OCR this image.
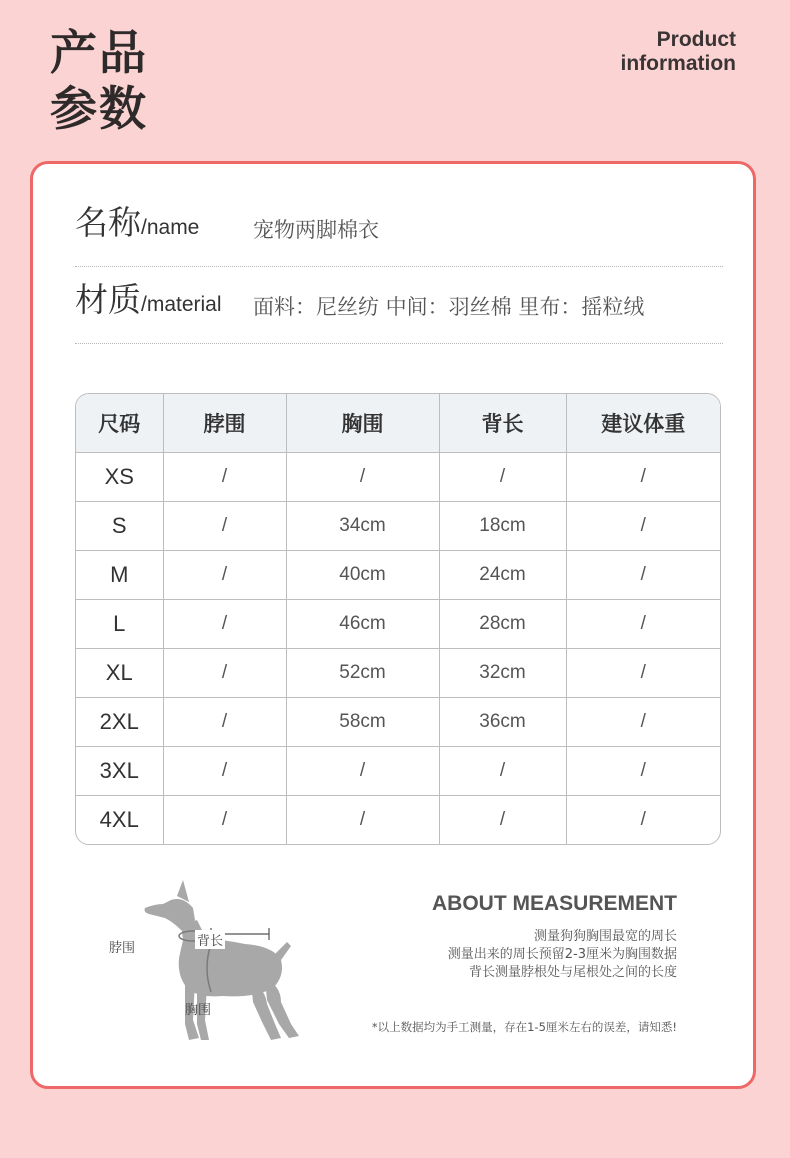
产品
参数
Product
information
名称/name	宠物两脚棉衣
材质/material 面料：尼丝纺 中间：羽丝棉 里布：摇粒绒
尺码	脖围	胸围	背长	建议体重
XS	/	/	/	/
S	/	34cm	18cm	/
M	/	40cm	24cm	/
L	/	46cm	28cm	/
XL	/	52cm	32cm	/
2XL	/	58cm	36cm	/
3XL	/	/	/	/
4XL	/	/	/	/
脖围	背长
胸围
ABOUT MEASUREMENT
测量狗狗胸围最宽的周长
测量出来的周长预留2-3厘米为胸围数据
背长测量脖根处与尾根处之间的长度
*以上数据均为手工测量，存在1-5厘米左右的误差，请知悉!
